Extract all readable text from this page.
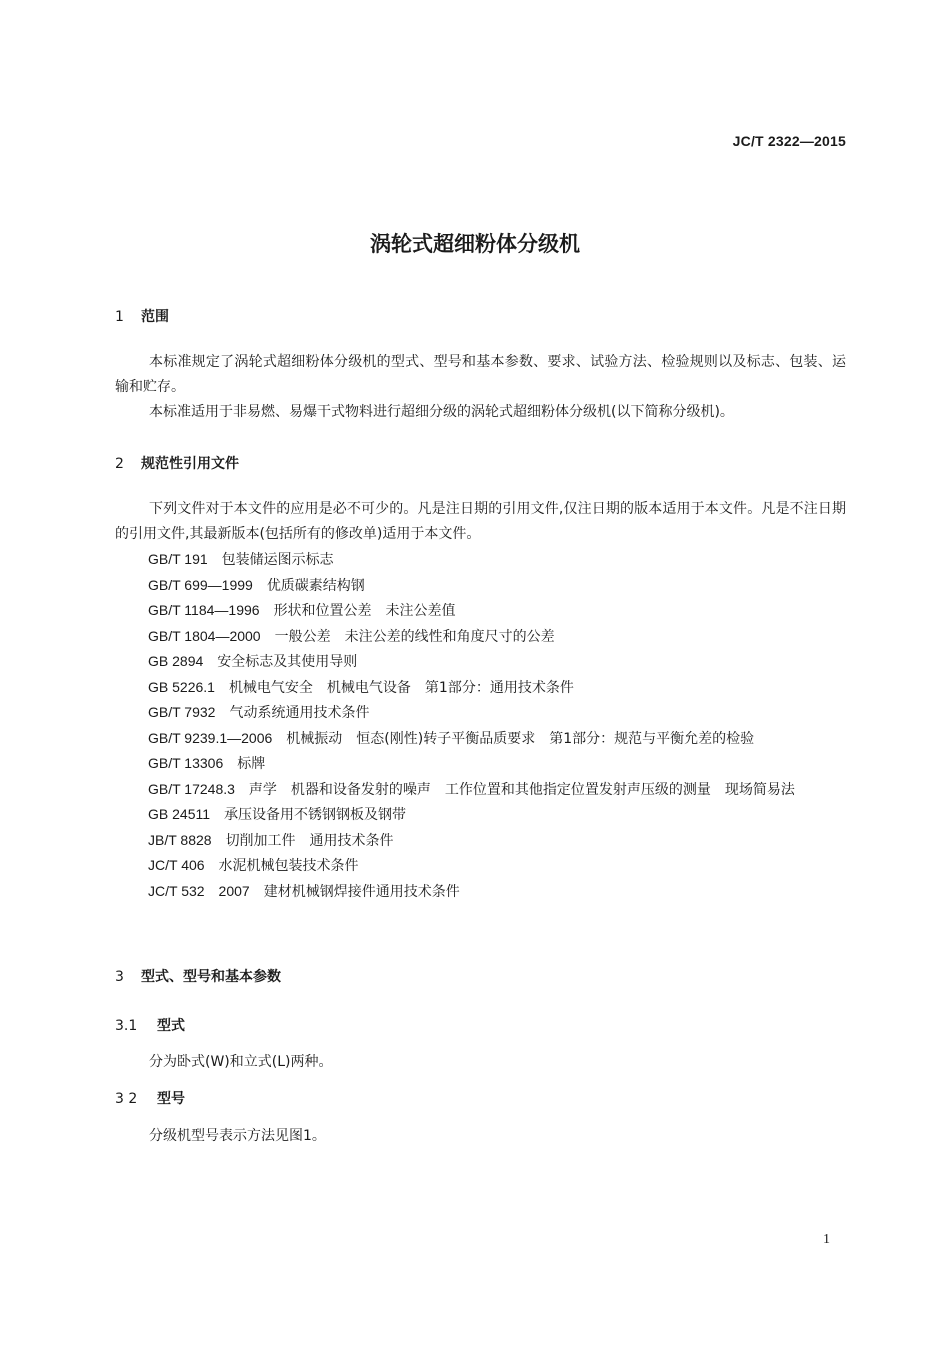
JC/T 2322—2015
涡轮式超细粉体分级机
1 范围

本标准规定了涡轮式超细粉体分级机的型式、型号和基本参数、要求、试验方法、检验规则以及标志、包装、运输和贮存。

本标准适用于非易燃、易爆干式物料进行超细分级的涡轮式超细粉体分级机(以下简称分级机)。

2 规范性引用文件

下列文件对于本文件的应用是必不可少的。凡是注日期的引用文件,仅注日期的版本适用于本文件。凡是不注日期的引用文件,其最新版本(包括所有的修改单)适用于本文件。

GB/T 191 包装储运图示标志
GB/T 699—1999 优质碳素结构钢
GB/T 1184—1996 形状和位置公差　未注公差值
GB/T 1804—2000 一般公差　未注公差的线性和角度尺寸的公差
GB 2894 安全标志及其使用导则
GB 5226.1 机械电气安全　机械电气设备　第1部分：通用技术条件
GB/T 7932 气动系统通用技术条件
GB/T 9239.1—2006 机械振动　恒态(刚性)转子平衡品质要求　第1部分：规范与平衡允差的检验
GB/T 13306 标牌
GB/T 17248.3 声学　机器和设备发射的噪声　工作位置和其他指定位置发射声压级的测量　现场简易法
GB 24511 承压设备用不锈钢钢板及钢带
JB/T 8828 切削加工件　通用技术条件
JC/T 406 水泥机械包装技术条件
JC/T 532　2007 建材机械钢焊接件通用技术条件
3 型式、型号和基本参数
3.1 型式
分为卧式(W)和立式(L)两种。
3 2 型号
分级机型号表示方法见图1。
1
